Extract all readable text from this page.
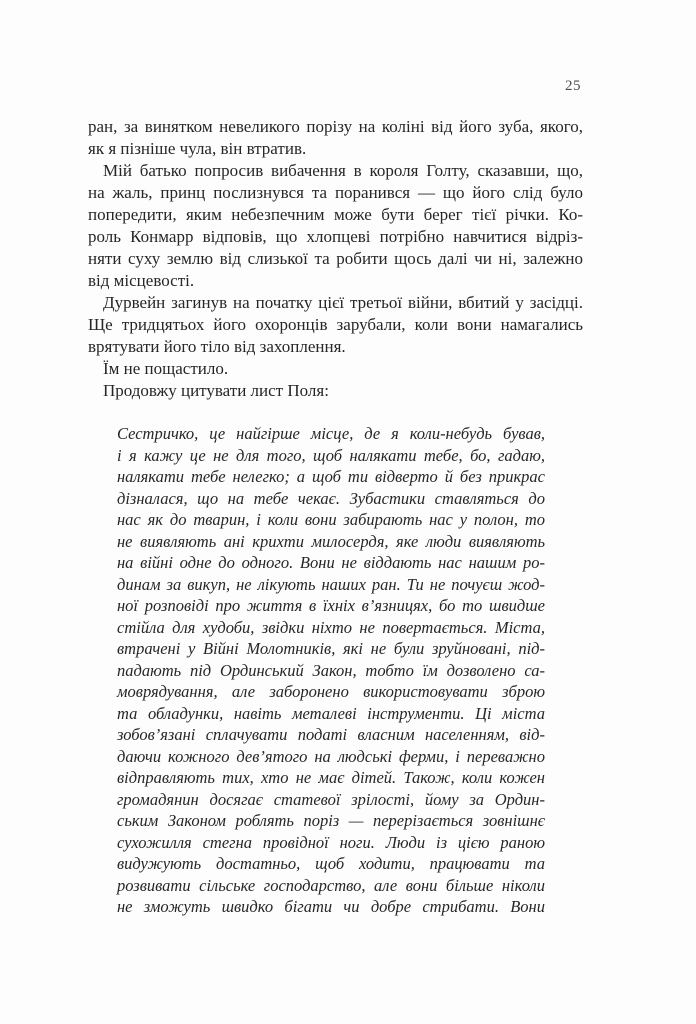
25
ран, за винятком невеликого порізу на коліні від його зуба, якого,
як я пізніше чула, він втратив.
Мій батько попросив вибачення в короля Голту, сказавши, що,
на жаль, принц послизнувся та поранився — що його слід було
попередити, яким небезпечним може бути берег тієї річки. Ко-
роль Конмарр відповів, що хлопцеві потрібно навчитися відріз-
няти суху землю від слизької та робити щось далі чи ні, залежно
від місцевості.
Дурвейн загинув на початку цієї третьої війни, вбитий у засідці.
Ще тридцятьох його охоронців зарубали, коли вони намагались
врятувати його тіло від захоплення.
Їм не пощастило.
Продовжу цитувати лист Поля:
Сестричко, це найгірше місце, де я коли-небудь бував,
і я кажу це не для того, щоб налякати тебе, бо, гадаю,
налякати тебе нелегко; а щоб ти відверто й без прикрас
дізналася, що на тебе чекає. Зубастики ставляться до
нас як до тварин, і коли вони забирають нас у полон, то
не виявляють ані крихти милосердя, яке люди виявляють
на війні одне до одного. Вони не віддають нас нашим ро-
динам за викуп, не лікують наших ран. Ти не почуєш жод-
ної розповіді про життя в їхніх в’язницях, бо то швидше
стійла для худоби, звідки ніхто не повертається. Міста,
втрачені у Війні Молотників, які не були зруйновані, під-
падають під Ординський Закон, тобто їм дозволено са-
моврядування, але заборонено використовувати зброю
та обладунки, навіть металеві інструменти. Ці міста
зобов’язані сплачувати податі власним населенням, від-
даючи кожного дев’ятого на людські ферми, і переважно
відправляють тих, хто не має дітей. Також, коли кожен
громадянин досягає статевої зрілості, йому за Ордин-
ським Законом роблять поріз — перерізається зовнішнє
сухожилля стегна провідної ноги. Люди із цією раною
видужують достатньо, щоб ходити, працювати та
розвивати сільське господарство, але вони більше ніколи
не зможуть швидко бігати чи добре стрибати. Вони
